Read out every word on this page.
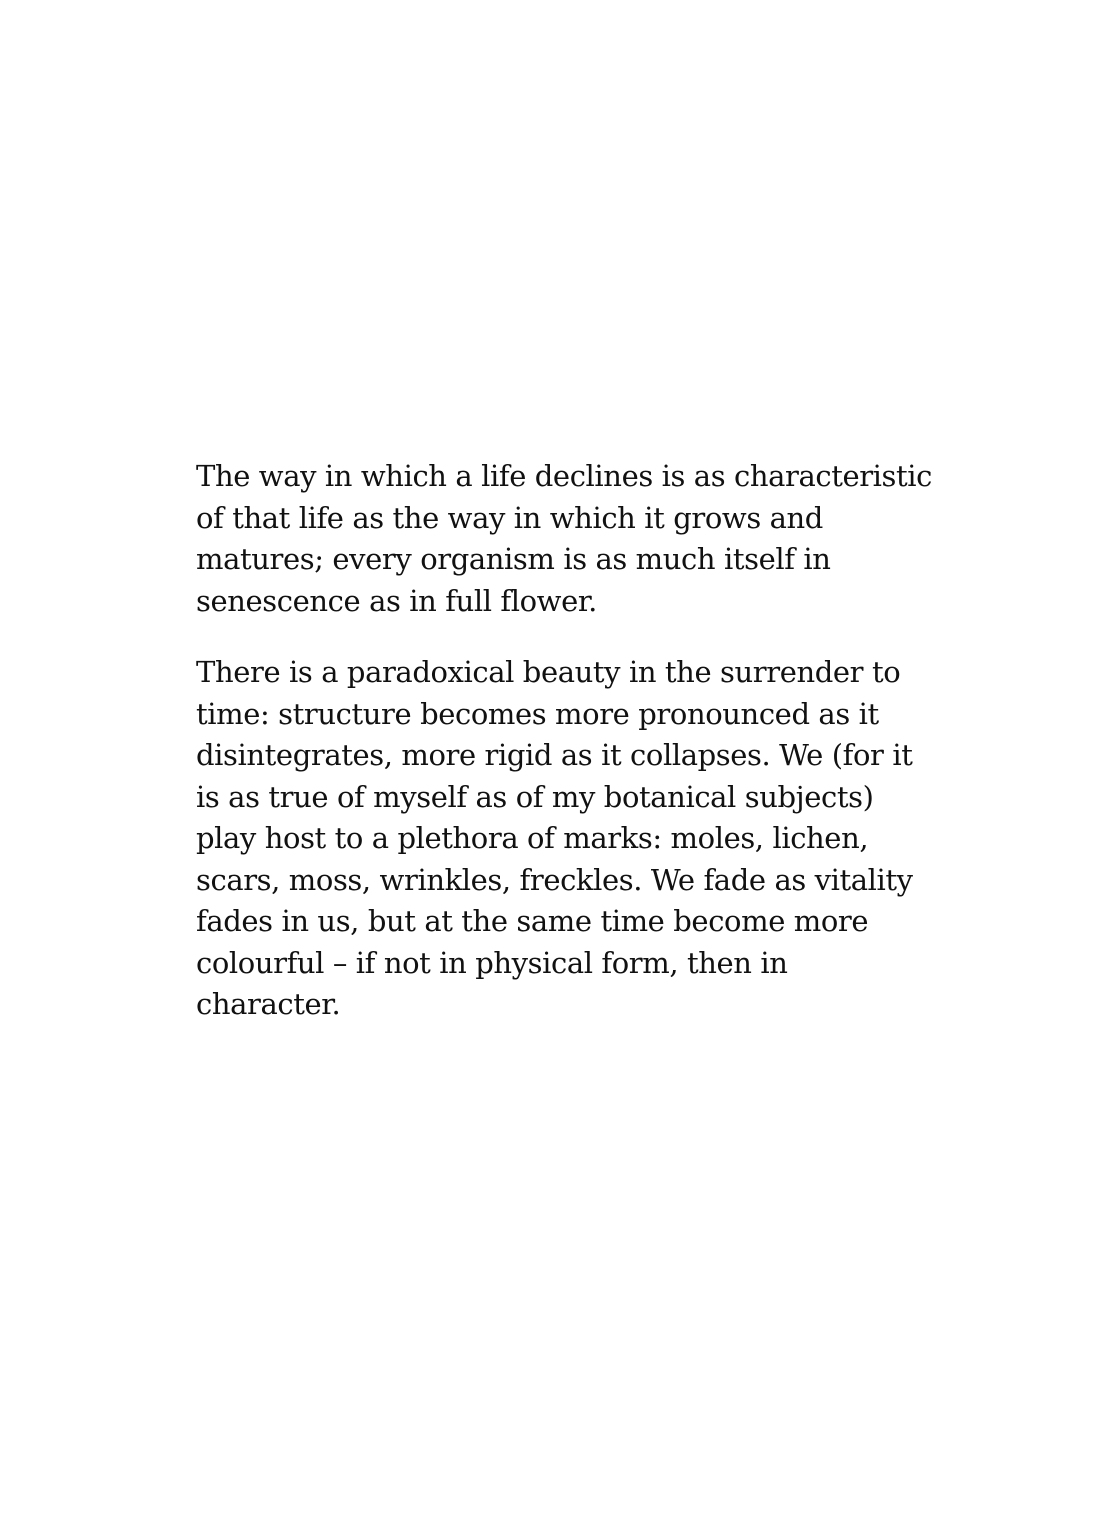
The way in which a life declines is as characteristic
of that life as the way in which it grows and
matures; every organism is as much itself in
senescence as in full flower.

There is a paradoxical beauty in the surrender to
time: structure becomes more pronounced as it
disintegrates, more rigid as it collapses. We (for it
is as true of myself as of my botanical subjects)
play host to a plethora of marks: moles, lichen,
scars, moss, wrinkles, freckles. We fade as vitality
fades in us, but at the same time become more
colourful – if not in physical form, then in
character.
